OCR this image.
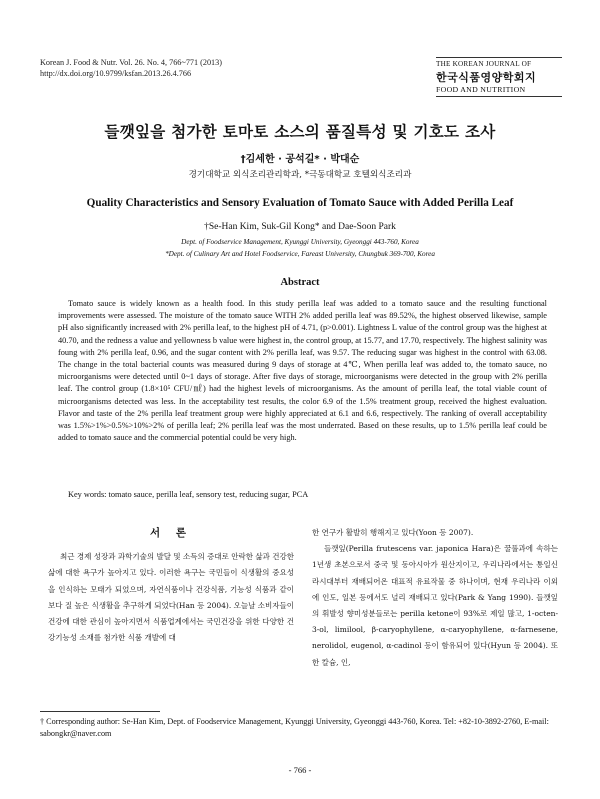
Korean J. Food & Nutr. Vol. 26. No. 4, 766~771 (2013)
http://dx.doi.org/10.9799/ksfan.2013.26.4.766
THE KOREAN JOURNAL OF
한국식품영양학회지
FOOD AND NUTRITION
들깻잎을 첨가한 토마토 소스의 품질특성 및 기호도 조사
†김세한 · 공석길* · 박대순
경기대학교 외식조리관리학과, *극동대학교 호텔외식조리과
Quality Characteristics and Sensory Evaluation of Tomato Sauce with Added Perilla Leaf
†Se-Han Kim, Suk-Gil Kong* and Dae-Soon Park
Dept. of Foodservice Management, Kyunggi University, Gyeonggi 443-760, Korea
*Dept. of Culinary Art and Hotel Foodservice, Fareast University, Chungbuk 369-700, Korea
Abstract
Tomato sauce is widely known as a health food. In this study perilla leaf was added to a tomato sauce and the resulting functional improvements were assessed. The moisture of the tomato sauce WITH 2% added perilla leaf was 89.52%, the highest observed likewise, sample pH also significantly increased with 2% perilla leaf, to the highest pH of 4.71, (p>0.001). Lightness L value of the control group was the highest at 40.70, and the redness a value and yellowness b value were highest in, the control group, at 15.77, and 17.70, respectively. The highest salinity was foung with 2% perilla leaf, 0.96, and the sugar content with 2% perilla leaf, was 9.57. The reducing sugar was highest in the control with 63.08. The change in the total bacterial counts was measured during 9 days of storage at 4℃, When perilla leaf was added to, the tomato sauce, no microorganisms were detected until 0~1 days of storage. After five days of storage, microorganisms were detected in the group with 2% perilla leaf. The control group (1.8×10⁵ CFU/㎖) had the highest levels of microorganisms. As the amount of perilla leaf, the total viable count of microorganisms detected was less. In the acceptability test results, the color 6.9 of the 1.5% treatment group, received the highest evaluation. Flavor and taste of the 2% perilla leaf treatment group were highly appreciated at 6.1 and 6.6, respectively. The ranking of overall acceptability was 1.5%>1%>0.5%>10%>2% of perilla leaf; 2% perilla leaf was the most underrated. Based on these results, up to 1.5% perilla leaf could be added to tomato sauce and the commercial potential could be very high.
Key words: tomato sauce, perilla leaf, sensory test, reducing sugar, PCA
서 론

최근 경제 성장과 과학기술의 발달 및 소득의 증대로 안락한 삶과 건강한 삶에 대한 욕구가 높아지고 있다. 이러한 욕구는 국민들이 식생활의 중요성을 인식하는 모태가 되었으며, 자연식품이나 건강식품, 기능성 식품과 같이 보다 질 높은 식생활을 추구하게 되었다(Han 등 2004). 오늘날 소비자들이 건강에 대한 관심이 높아지면서 식품업계에서는 국민건강을 위한 다양한 건강기능성 소재를 첨가한 식품 개발에 대

한 연구가 활발히 행해지고 있다(Yoon 등 2007).

들깻잎(Perilla frutescens var. japonica Hara)은 꿀풀과에 속하는 1년생 초본으로서 중국 및 동아시아가 원산지이고, 우리나라에서는 통일신라시대부터 재배되어온 대표적 유료작물 중 하나이며, 현재 우리나라 이외에 인도, 일본 등에서도 널리 재배되고 있다(Park & Yang 1990). 들깻잎의 휘발성 향미성분들로는 perilla ketone이 93%로 제일 많고, 1-octen-3-ol, limilool, β-caryophyllene, α-caryophyllene, α-farnesene, nerolidol, eugenol, α-cadinol 등이 함유되어 있다(Hyun 등 2004). 또한 칼슘, 인,

† Corresponding author: Se-Han Kim, Dept. of Foodservice Management, Kyunggi University, Gyeonggi 443-760, Korea. Tel: +82-10-3892-2760, E-mail: sabongkr@naver.com
- 766 -
